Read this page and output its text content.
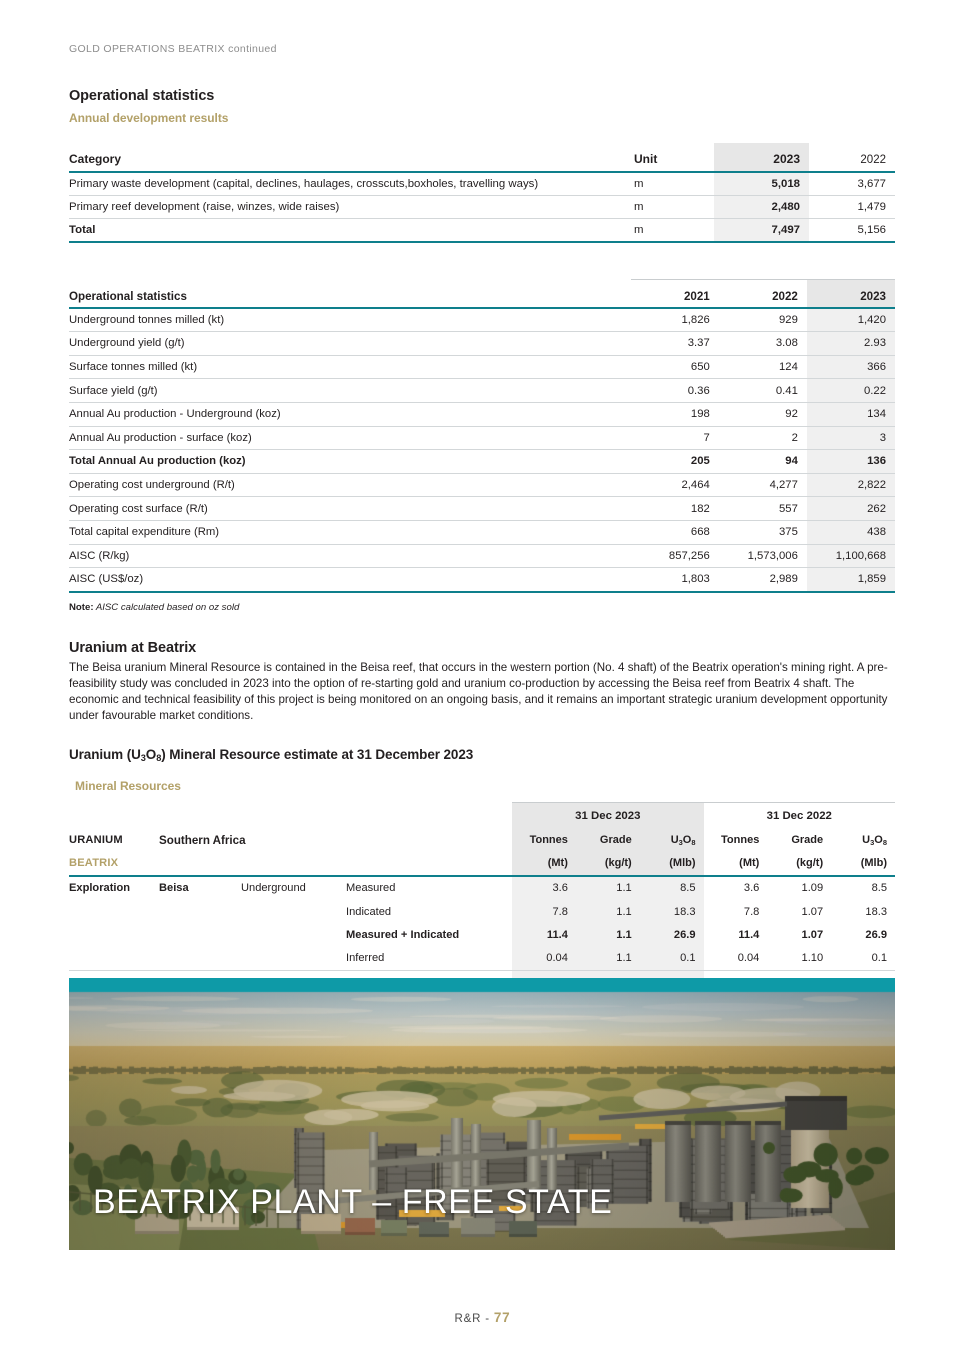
GOLD OPERATIONS BEATRIX continued
Operational statistics
Annual development results
Category	Unit	2023	2022
Primary waste development (capital, declines, haulages, crosscuts,boxholes, travelling ways)	m	5,018	3,677
Primary reef development (raise, winzes, wide raises)	m	2,480	1,479
Total	m	7,497	5,156
Operational statistics	2021	2022	2023
Underground tonnes milled (kt)	1,826	929	1,420
Underground yield (g/t)	3.37	3.08	2.93
Surface tonnes milled (kt)	650	124	366
Surface yield (g/t)	0.36	0.41	0.22
Annual Au production - Underground (koz)	198	92	134
Annual Au production - surface (koz)	7	2	3
Total Annual Au production (koz)	205	94	136
Operating cost underground (R/t)	2,464	4,277	2,822
Operating cost surface (R/t)	182	557	262
Total capital expenditure (Rm)	668	375	438
AISC (R/kg)	857,256	1,573,006	1,100,668
AISC (US$/oz)	1,803	2,989	1,859

Note: AISC calculated based on oz sold

Uranium at Beatrix

The Beisa uranium Mineral Resource is contained in the Beisa reef, that occurs in the western portion (No. 4 shaft) of the Beatrix operation's mining right. A pre-feasibility study was concluded in 2023 into the option of re-starting gold and uranium co-production by accessing the Beisa reef from Beatrix 4 shaft. The economic and technical feasibility of this project is being monitored on an ongoing basis, and it remains an important strategic uranium development opportunity under favourable market conditions.

Uranium $(U_3O_8)$ Mineral Resource estimate at 31 December 2023
Mineral Resources
				31 Dec 2023			31 Dec 2022		
URANIUM	Southern Africa			Tonnes	Grade	$U_3O_8$	Tonnes	Grade	$U_3O_8$
BEATRIX				(Mt)	(kg/t)	(Mlb)	(Mt)	(kg/t)	(Mlb)
Exploration	Beisa	Underground	Measured	3.6	1.1	8.5	3.6	1.09	8.5
			Indicated	7.8	1.1	18.3	7.8	1.07	18.3
			Measured + Indicated	11.4	1.1	26.9	11.4	1.07	26.9
			Inferred	0.04	1.1	0.1	0.04	1.10	0.1

BEATRIX PLANT – FREE STATE
R&R - 77
